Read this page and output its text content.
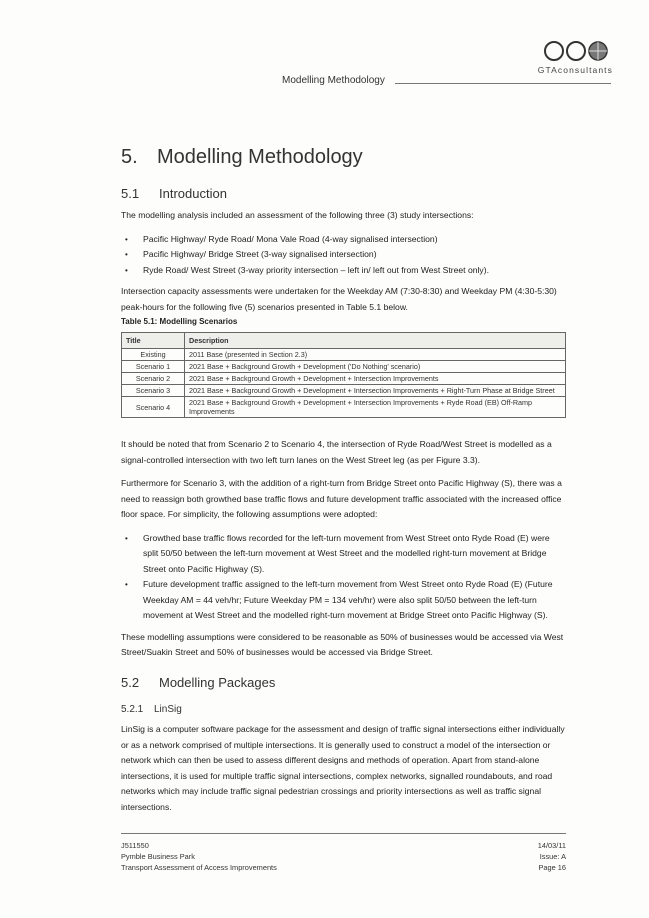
GTAconsultants
Modelling Methodology
5. Modelling Methodology
5.1 Introduction

The modelling analysis included an assessment of the following three (3) study intersections:

• Pacific Highway/ Ryde Road/ Mona Vale Road (4-way signalised intersection)
• Pacific Highway/ Bridge Street (3-way signalised intersection)
• Ryde Road/ West Street (3-way priority intersection – left in/ left out from West Street only).

Intersection capacity assessments were undertaken for the Weekday AM (7:30-8:30) and Weekday PM (4:30-5:30) peak-hours for the following five (5) scenarios presented in Table 5.1 below.

Table 5.1: Modelling Scenarios
Title	Description
Existing	2011 Base (presented in Section 2.3)
Scenario 1	2021 Base + Background Growth + Development ('Do Nothing' scenario)
Scenario 2	2021 Base + Background Growth + Development + Intersection Improvements
Scenario 3	2021 Base + Background Growth + Development + Intersection Improvements + Right-Turn Phase at Bridge Street
Scenario 4	2021 Base + Background Growth + Development + Intersection Improvements + Ryde Road (EB) Off-Ramp Improvements

It should be noted that from Scenario 2 to Scenario 4, the intersection of Ryde Road/West Street is modelled as a signal-controlled intersection with two left turn lanes on the West Street leg (as per Figure 3.3).

Furthermore for Scenario 3, with the addition of a right-turn from Bridge Street onto Pacific Highway (S), there was a need to reassign both growthed base traffic flows and future development traffic associated with the increased office floor space. For simplicity, the following assumptions were adopted:

• Growthed base traffic flows recorded for the left-turn movement from West Street onto Ryde Road (E) were split 50/50 between the left-turn movement at West Street and the modelled right-turn movement at Bridge Street onto Pacific Highway (S).
• Future development traffic assigned to the left-turn movement from West Street onto Ryde Road (E) (Future Weekday AM = 44 veh/hr; Future Weekday PM = 134 veh/hr) were also split 50/50 between the left-turn movement at West Street and the modelled right-turn movement at Bridge Street onto Pacific Highway (S).

These modelling assumptions were considered to be reasonable as 50% of businesses would be accessed via West Street/Suakin Street and 50% of businesses would be accessed via Bridge Street.

5.2 Modelling Packages
5.2.1 LinSig

LinSig is a computer software package for the assessment and design of traffic signal intersections either individually or as a network comprised of multiple intersections. It is generally used to construct a model of the intersection or network which can then be used to assess different designs and methods of operation. Apart from stand-alone intersections, it is used for multiple traffic signal intersections, complex networks, signalled roundabouts, and road networks which may include traffic signal pedestrian crossings and priority intersections as well as traffic signal intersections.

J511550
Pymble Business Park
Transport Assessment of Access Improvements
14/03/11
Issue: A
Page 16
